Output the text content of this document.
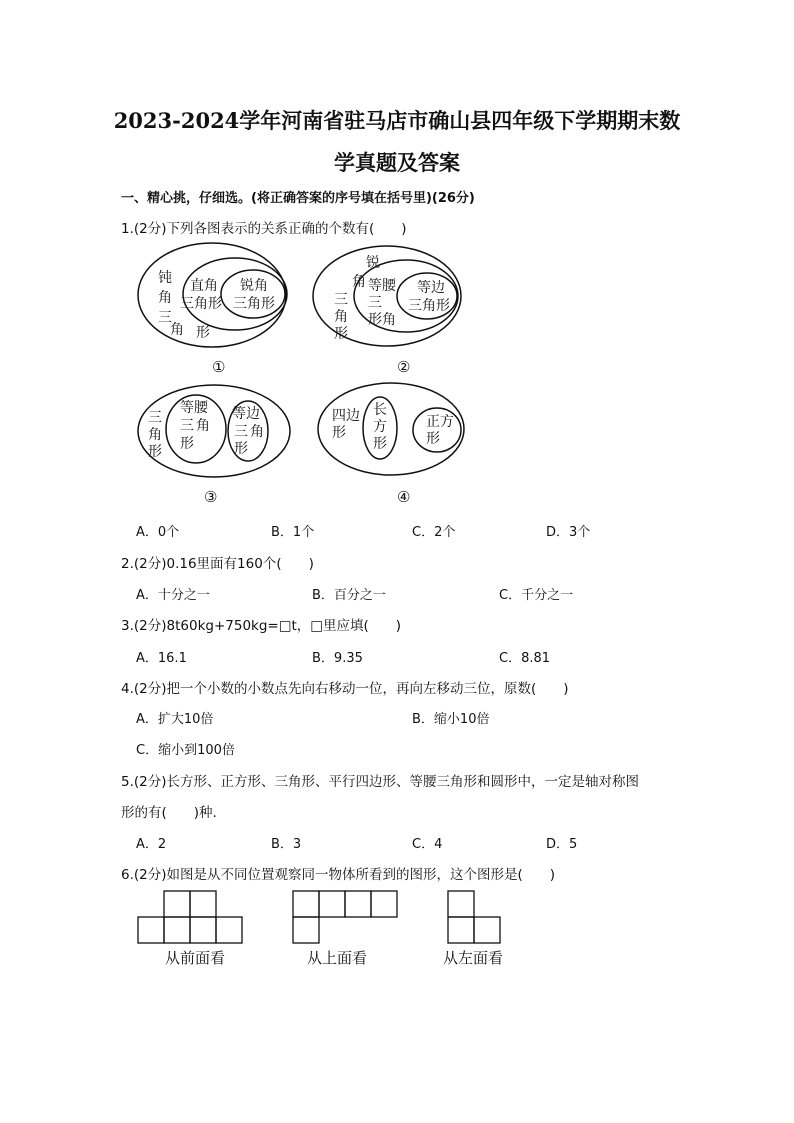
2023-2024学年河南省驻马店市确山县四年级下学期期末数
学真题及答案
一、精心挑，仔细选。(将正确答案的序号填在括号里)(26分)
1.(2分)下列各图表示的关系正确的个数有(　　)
钝
角
三
角 形
直角
三角形
锐角
三角形
①
锐
角
三
角
形
等腰
三
角
形
等边
三角形
②
三
角
形
等腰
三 角
形
等边
三 角
形
③
四边
形
长
方
形
正方
形
④
A．0个	B．1个	C．2个	D．3个
2.(2分)0.16里面有160个(　　)
A．十分之一	B．百分之一	C．千分之一
3.(2分)8t60kg+750kg=□t，□里应填(　　)
A．16.1	B．9.35	C．8.81
4.(2分)把一个小数的小数点先向右移动一位，再向左移动三位，原数(　　)
A．扩大10倍	B．缩小10倍
C．缩小到100倍
5.(2分)长方形、正方形、三角形、平行四边形、等腰三角形和圆形中，一定是轴对称图
形的有(　　)种.
A．2	B．3	C．4	D．5
6.(2分)如图是从不同位置观察同一物体所看到的图形，这个图形是(　　)
从前面看	从上面看	从左面看
